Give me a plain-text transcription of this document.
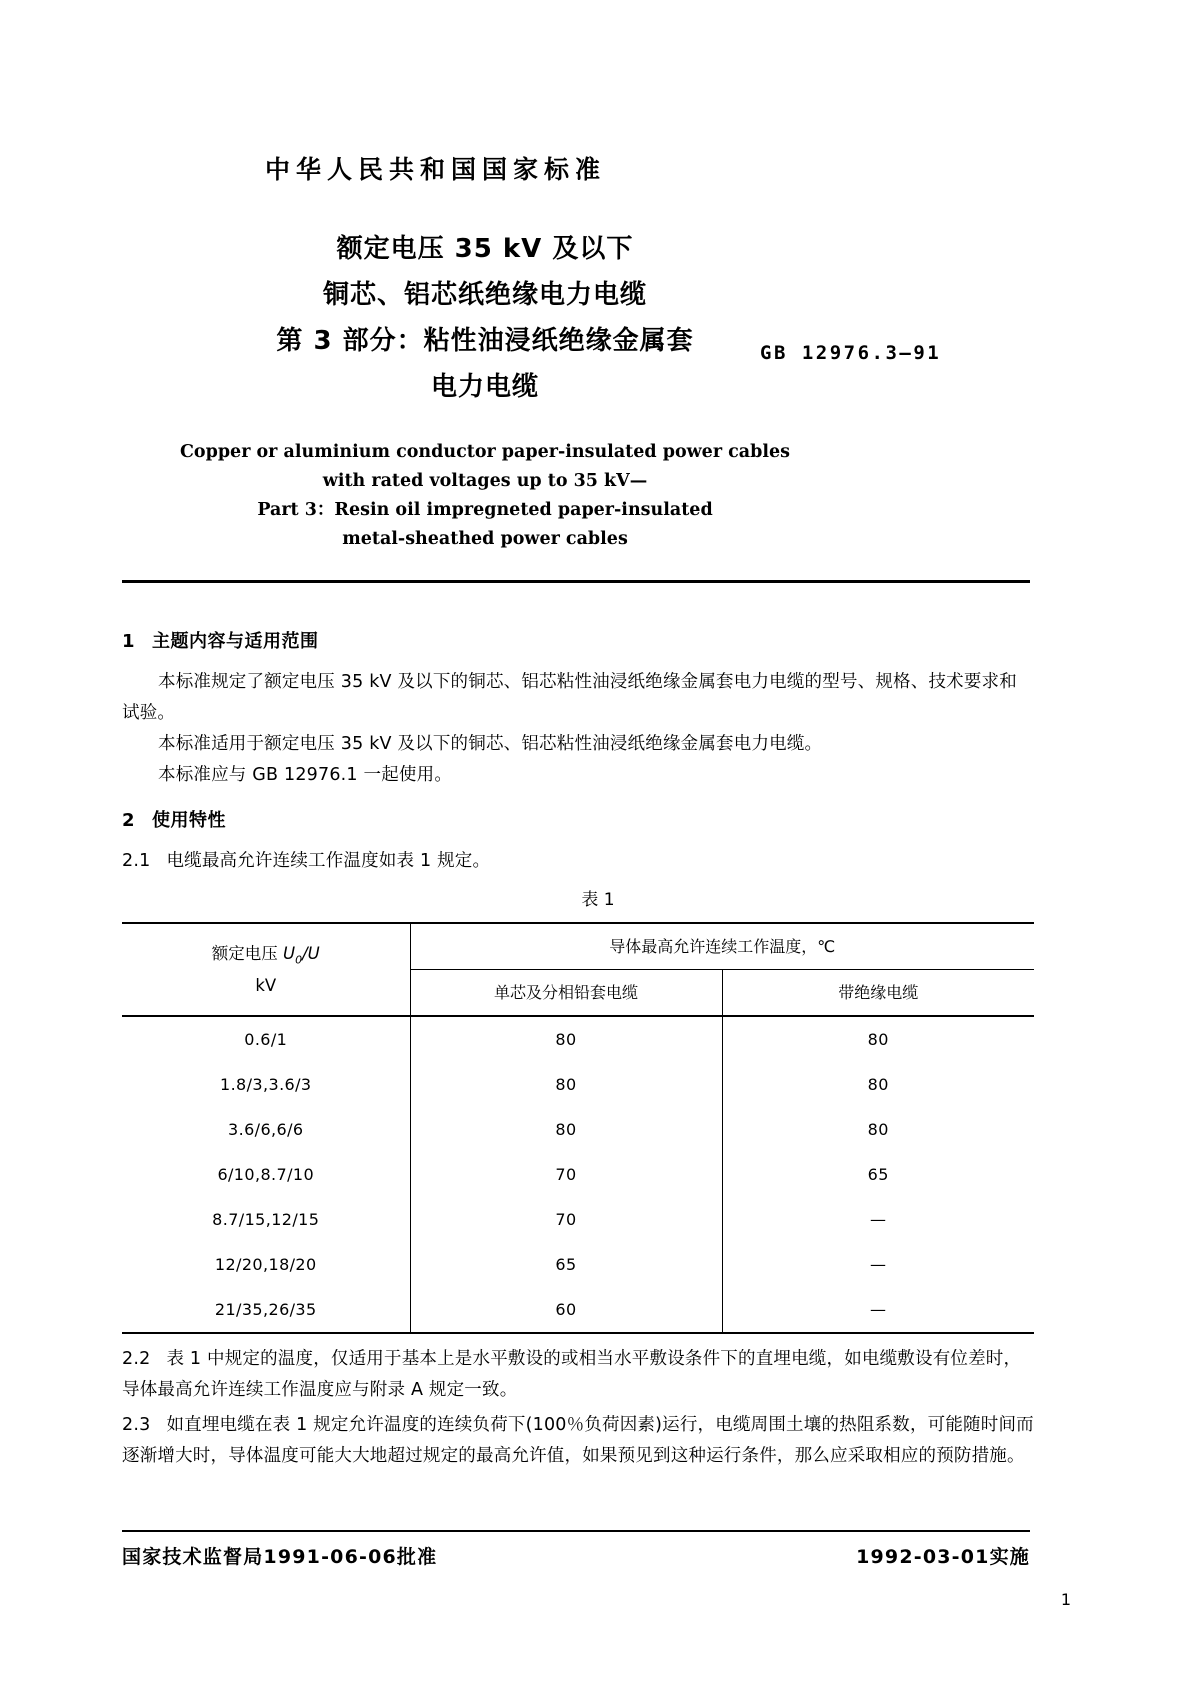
中华人民共和国国家标准
额定电压 35 kV 及以下
铜芯、铝芯纸绝缘电力电缆
第 3 部分：粘性油浸纸绝缘金属套
电力电缆
GB 12976.3—91
Copper or aluminium conductor paper-insulated power cables
with rated voltages up to 35 kV—
Part 3：Resin oil impregneted paper-insulated
metal-sheathed power cables
1 主题内容与适用范围
本标准规定了额定电压 35 kV 及以下的铜芯、铝芯粘性油浸纸绝缘金属套电力电缆的型号、规格、技术要求和试验。
本标准适用于额定电压 35 kV 及以下的铜芯、铝芯粘性油浸纸绝缘金属套电力电缆。
本标准应与 GB 12976.1 一起使用。
2 使用特性
2.1 电缆最高允许连续工作温度如表 1 规定。
表 1
额定电压 $U_0/U$
kV	导体最高允许连续工作温度，℃	
	单芯及分相铅套电缆	带绝缘电缆
0.6/1	80	80
1.8/3,3.6/3	80	80
3.6/6,6/6	80	80
6/10,8.7/10	70	65
8.7/15,12/15	70	—
12/20,18/20	65	—
21/35,26/35	60	—
2.2 表 1 中规定的温度，仅适用于基本上是水平敷设的或相当水平敷设条件下的直埋电缆，如电缆敷设有位差时，导体最高允许连续工作温度应与附录 A 规定一致。
2.3 如直埋电缆在表 1 规定允许温度的连续负荷下(100％负荷因素)运行，电缆周围土壤的热阻系数，可能随时间而逐渐增大时，导体温度可能大大地超过规定的最高允许值，如果预见到这种运行条件，那么应采取相应的预防措施。
国家技术监督局1991-06-06批准	1992-03-01实施
1
